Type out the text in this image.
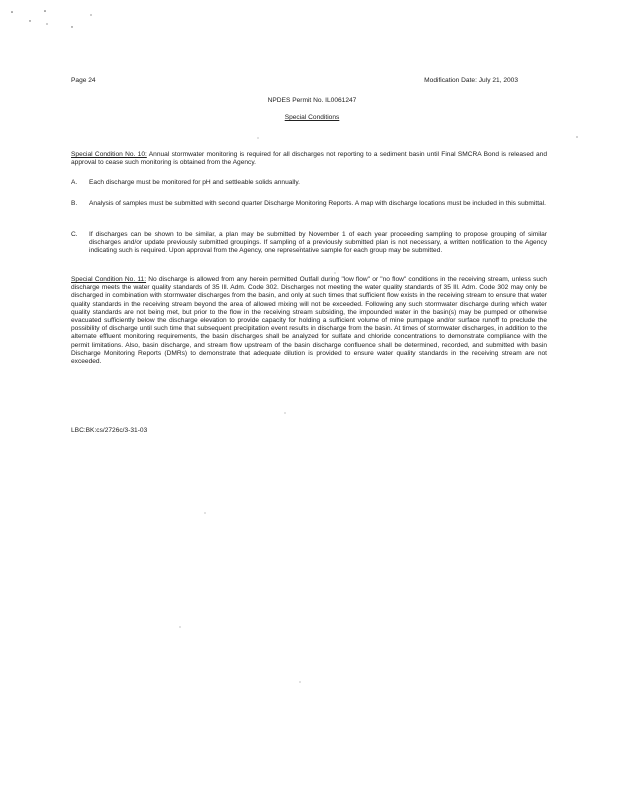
Page 24	Modification Date: July 21, 2003
NPDES Permit No. IL0061247
Special Conditions
Special Condition No. 10: Annual stormwater monitoring is required for all discharges not reporting to a sediment basin until Final SMCRA Bond is released and approval to cease such monitoring is obtained from the Agency.
A. Each discharge must be monitored for pH and settleable solids annually.
B. Analysis of samples must be submitted with second quarter Discharge Monitoring Reports. A map with discharge locations must be included in this submittal.
C. If discharges can be shown to be similar, a plan may be submitted by November 1 of each year proceeding sampling to propose grouping of similar discharges and/or update previously submitted groupings. If sampling of a previously submitted plan is not necessary, a written notification to the Agency indicating such is required. Upon approval from the Agency, one representative sample for each group may be submitted.
Special Condition No. 11: No discharge is allowed from any herein permitted Outfall during "low flow" or "no flow" conditions in the receiving stream, unless such discharge meets the water quality standards of 35 Ill. Adm. Code 302. Discharges not meeting the water quality standards of 35 Ill. Adm. Code 302 may only be discharged in combination with stormwater discharges from the basin, and only at such times that sufficient flow exists in the receiving stream to ensure that water quality standards in the receiving stream beyond the area of allowed mixing will not be exceeded. Following any such stormwater discharge during which water quality standards are not being met, but prior to the flow in the receiving stream subsiding, the impounded water in the basin(s) may be pumped or otherwise evacuated sufficiently below the discharge elevation to provide capacity for holding a sufficient volume of mine pumpage and/or surface runoff to preclude the possibility of discharge until such time that subsequent precipitation event results in discharge from the basin. At times of stormwater discharges, in addition to the alternate effluent monitoring requirements, the basin discharges shall be analyzed for sulfate and chloride concentrations to demonstrate compliance with the permit limitations. Also, basin discharge, and stream flow upstream of the basin discharge confluence shall be determined, recorded, and submitted with basin Discharge Monitoring Reports (DMRs) to demonstrate that adequate dilution is provided to ensure water quality standards in the receiving stream are not exceeded.
LBC:BK:cs/2726c/3-31-03
